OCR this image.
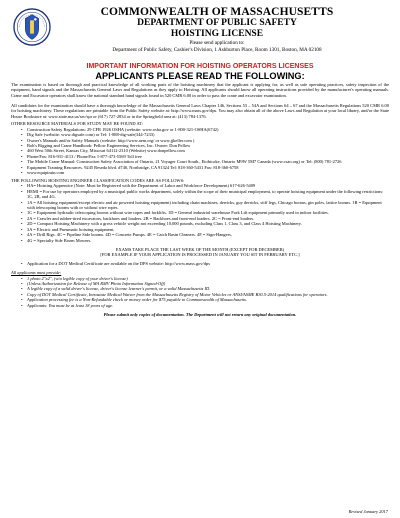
COMMONWEALTH OF MASSACHUSETTS
DEPARTMENT OF PUBLIC SAFETY
HOISTING LICENSE
Please send application to:
Department of Public Safety, Cashier's Division, 1 Ashburton Place, Room 1301, Boston, MA 02108
IMPORTANT INFORMATION FOR HOISTING OPERATORS LICENSES
APPLICANTS PLEASE READ THE FOLLOWING:

The examination is based on thorough and practical knowledge of all working parts of the hoisting machinery that the applicant is applying for, as well as safe operating practices, safety inspection of the equipment, hand signals and the Massachusetts General Laws and Regulations as they apply to Hoisting. All applicants should know all operating instructions provided by the manufacturer's operating manuals. Crane and Excavator operators shall know the national standard hand signals found in 520 CMR 6.00 in order to pass the crane and excavator examination.

All candidates for the examination should have a thorough knowledge of the Massachusetts General Laws Chapter 146, Sections 53 – 54A and Sections 64 – 67 and the Massachusetts Regulations 520 CMR 6.00 for hoisting machinery. These regulations are printable from the Public Safety website at: http://www.mass.gov/dps. You may also obtain all of the above Laws and Regulation at your local library, and/or the State House Bookstore at: www.state.ma.us/sec/spr or (617) 727-2834 or in the Springfield area at: (413) 784-1376.

OTHER RESOURCE MATERIALS FOR STUDY MAY BE FOUND AT:
• Construction Safety Regulations: 29 CFR 1926 OSHA (website: www.osha.gov or 1-800-321-OSHA(6742)
• Dig Safe (website: www.digsafe.com) or Tel: 1-888-dig-safe(344-7233)
• Owner's Manuals and/or Safety Manuals (website: http://www.aem.org/ or www.jjkeller.com )
• Bob's Rigging and Crane Handbook: Pellow Engineering Services, Inc. Owner: Don Pellow
• 460 West 50th Street, Kansas City, Missouri 64112-2310 (Website) www.donpellow.com
• Phone/Fax: 816-931-4113 / Phone/Fax 1-877-473-5569 Toll free
• The Mobile Crane Manual: Construction Safety Association of Ontario, 21 Voyager Court South., Etobicoke, Ontario M9W 5M7 Canada (www.csao.org) or Tel: (800) 781-2726
• Equipment Training Resources. 9245 Reseda blvd. #740, Northridge, CA 91324 Tel: 818-360-5431 Fax: 818-360-6758
• www.equiptrain.com
THE FOLLOWING HOISTING ENGINEER CLASSIFICATION CODES ARE AS FOLLOWS:
• HA= Hoisting Apprentice (Note: Must be Registered with the Department of Labor and Workforce Development) 617-626-5409
• HEMI = For use by operators employed by a municipal public works department, solely within the scope of their municipal employment, to operate hoisting equipment under the following restrictions: 1C, 2B, and 4G.
• 1A = All hoisting equipment/except electric and air powered hoisting equipment) including chain machines, derricks, guy derricks, stiff legs, Chicago booms, gin poles, lattice booms. 1B = Equipment with telescoping booms with or without wire ropes.
• 1C = Equipment hydraulic telescoping booms without wire ropes and forklifts. 1D = General industrial warehouse Fork Lift equipment primarily used in indoor facilities.
• 2A = Crawler and rubber-tired excavators, backhoes and loaders. 2B = Backhoes and front-end loaders. 2C = Front-end loaders.
• 2D = Compact Hoisting Machinery with a gross vehicle weight not exceeding 10,000 pounds, excluding Class 1, Class 3, and Class 4 Hoisting Machinery.
• 3A = Electric and Pneumatic hoisting equipment.
• 4A = Drill Rigs. 4C = Pipeline Side booms. 4D = Concrete Pumps. 4E = Catch Basin Cleaners. 4F = Sign-Hangers,
• 4G = Specialty Side Boom Mowers.
EXAMS TAKE PLACE THE LAST WEEK OF THE MONTH (EXCEPT FOR DECEMBER)
[FOR EXAMPLE IF YOUR APPLICATION IS PROCESSED IN JANUARY YOU SIT IN FEBRUARY ETC.]
• Application for a DOT Medical Certificate are available on the DPS website: http://www.mass.gov/dps
All applicants must provide:
• 1 photo 2"x2", (w/a legible copy of your driver's license)
• (Unless Authorization for Release of MA RMV Photo Information Signed-Off)
• A legible copy of a valid driver's license, driver's license learner's permit, or a valid Massachusetts ID.
• Copy of DOT Medical Certificate, Intrastate Medical Waiver from the Massachusetts Registry of Motor Vehicles or ANSI/ASME B30.5-2014 qualifications for operators.
• Application processing fee is a Non-Refundable check or money order for $75 payable to Commonwealth of Massachusetts.
• Applicants: You must be at least 18 years of age.
Please submit only copies of documentation. The Department will not return any original documentation.
Revised January 2017
